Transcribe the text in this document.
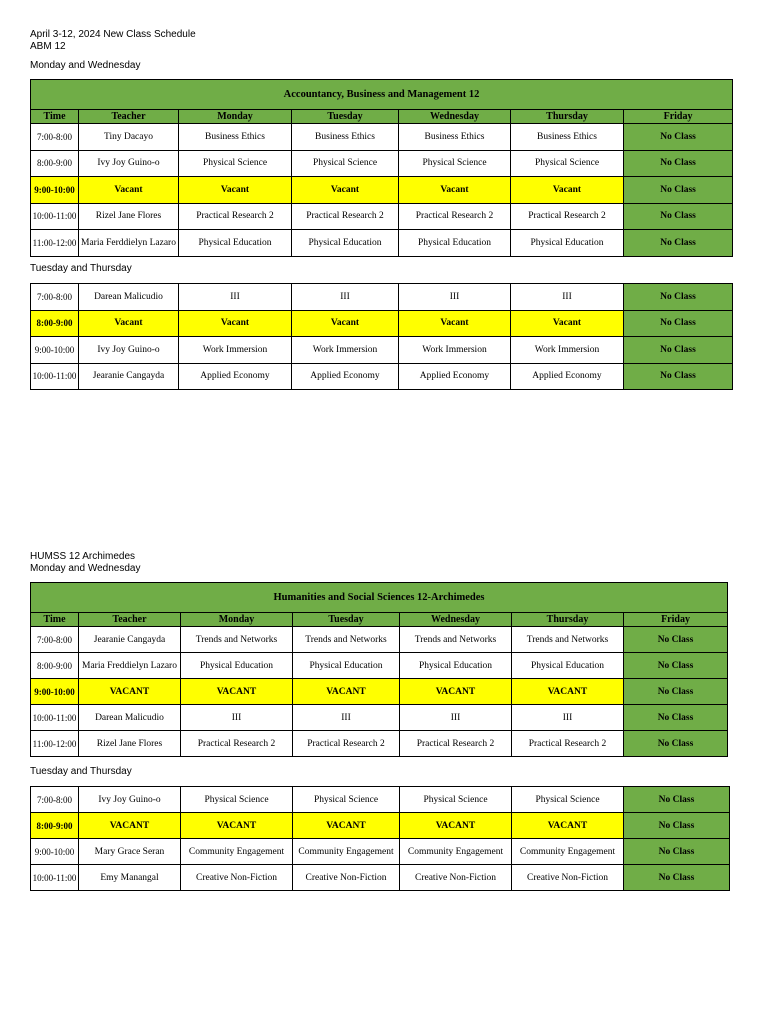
April 3-12, 2024 New Class Schedule
ABM 12
Monday and Wednesday
Accountancy, Business and Management 12						
Time	Teacher	Monday	Tuesday	Wednesday	Thursday	Friday
7:00-8:00	Tiny Dacayo	Business Ethics	Business Ethics	Business Ethics	Business Ethics	No Class
8:00-9:00	Ivy Joy Guino-o	Physical Science	Physical Science	Physical Science	Physical Science	No Class
9:00-10:00	Vacant	Vacant	Vacant	Vacant	Vacant	No Class
10:00-11:00	Rizel Jane Flores	Practical Research 2	Practical Research 2	Practical Research 2	Practical Research 2	No Class
11:00-12:00	Maria Ferddielyn Lazaro	Physical Education	Physical Education	Physical Education	Physical Education	No Class
Tuesday and Thursday
7:00-8:00	Darean Malicudio	III	III	III	III	No Class
8:00-9:00	Vacant	Vacant	Vacant	Vacant	Vacant	No Class
9:00-10:00	Ivy Joy Guino-o	Work Immersion	Work Immersion	Work Immersion	Work Immersion	No Class
10:00-11:00	Jearanie Cangayda	Applied Economy	Applied Economy	Applied Economy	Applied Economy	No Class
HUMSS 12 Archimedes
Monday and Wednesday
Humanities and Social Sciences 12-Archimedes						
Time	Teacher	Monday	Tuesday	Wednesday	Thursday	Friday
7:00-8:00	Jearanie Cangayda	Trends and Networks	Trends and Networks	Trends and Networks	Trends and Networks	No Class
8:00-9:00	Maria Freddielyn Lazaro	Physical Education	Physical Education	Physical Education	Physical Education	No Class
9:00-10:00	VACANT	VACANT	VACANT	VACANT	VACANT	No Class
10:00-11:00	Darean Malicudio	III	III	III	III	No Class
11:00-12:00	Rizel Jane Flores	Practical Research 2	Practical Research 2	Practical Research 2	Practical Research 2	No Class
Tuesday and Thursday
7:00-8:00	Ivy Joy Guino-o	Physical Science	Physical Science	Physical Science	Physical Science	No Class
8:00-9:00	VACANT	VACANT	VACANT	VACANT	VACANT	No Class
9:00-10:00	Mary Grace Seran	Community Engagement	Community Engagement	Community Engagement	Community Engagement	No Class
10:00-11:00	Emy Manangal	Creative Non-Fiction	Creative Non-Fiction	Creative Non-Fiction	Creative Non-Fiction	No Class
